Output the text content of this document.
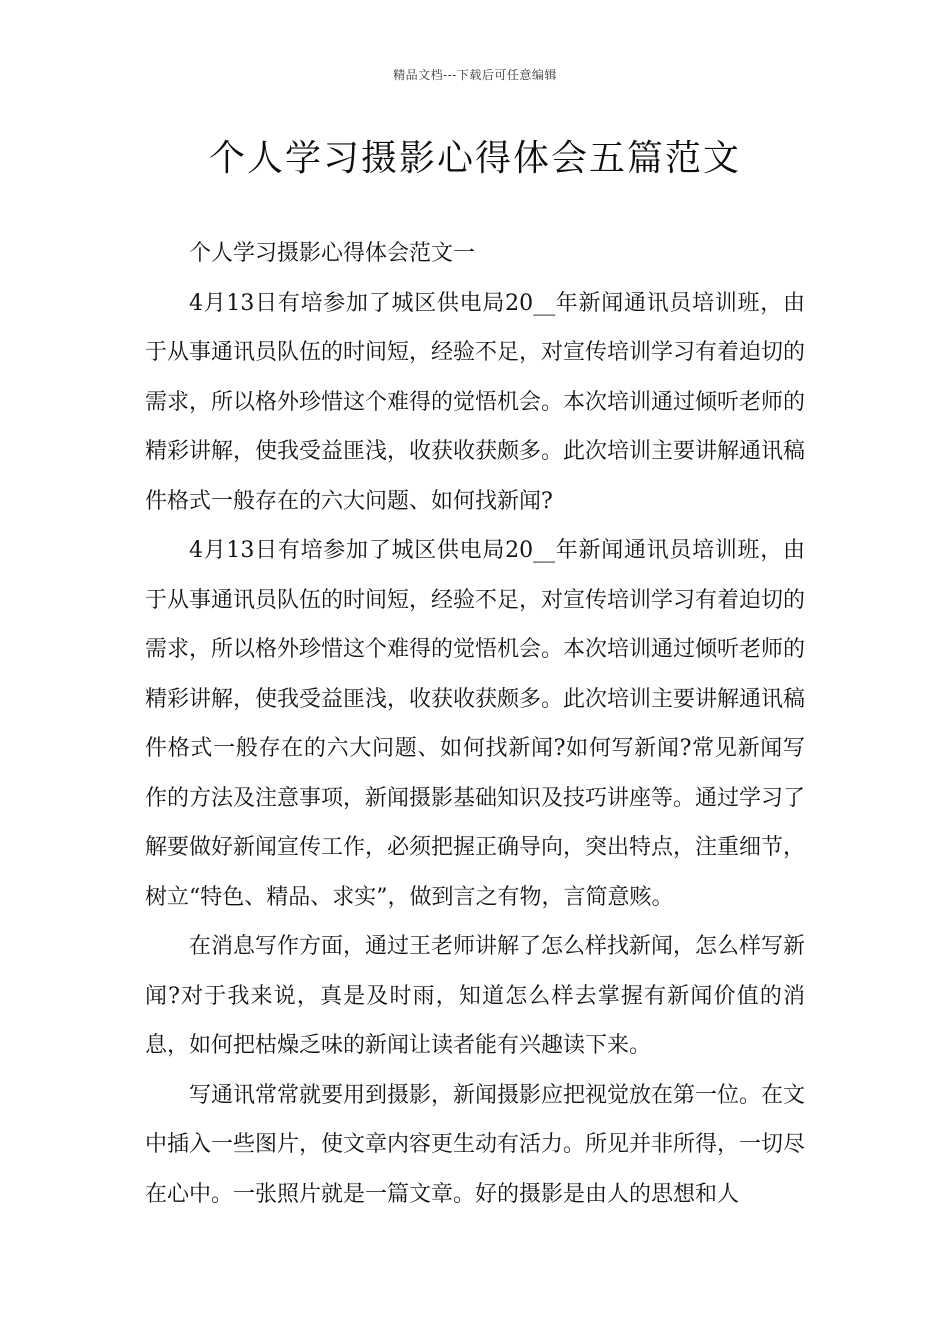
精品文档---下载后可任意编辑
个人学习摄影心得体会五篇范文

个人学习摄影心得体会范文一

4月13日有培参加了城区供电局20__年新闻通讯员培训班，由于从事通讯员队伍的时间短，经验不足，对宣传培训学习有着迫切的需求，所以格外珍惜这个难得的觉悟机会。本次培训通过倾听老师的精彩讲解，使我受益匪浅，收获收获颇多。此次培训主要讲解通讯稿件格式一般存在的六大问题、如何找新闻?

4月13日有培参加了城区供电局20__年新闻通讯员培训班，由于从事通讯员队伍的时间短，经验不足，对宣传培训学习有着迫切的需求，所以格外珍惜这个难得的觉悟机会。本次培训通过倾听老师的精彩讲解，使我受益匪浅，收获收获颇多。此次培训主要讲解通讯稿件格式一般存在的六大问题、如何找新闻?如何写新闻?常见新闻写作的方法及注意事项，新闻摄影基础知识及技巧讲座等。通过学习了解要做好新闻宣传工作，必须把握正确导向，突出特点，注重细节，树立“特色、精品、求实”，做到言之有物，言简意赅。

在消息写作方面，通过王老师讲解了怎么样找新闻，怎么样写新闻?对于我来说，真是及时雨，知道怎么样去掌握有新闻价值的消息，如何把枯燥乏味的新闻让读者能有兴趣读下来。

写通讯常常就要用到摄影，新闻摄影应把视觉放在第一位。在文中插入一些图片，使文章内容更生动有活力。所见并非所得，一切尽在心中。一张照片就是一篇文章。好的摄影是由人的思想和人
